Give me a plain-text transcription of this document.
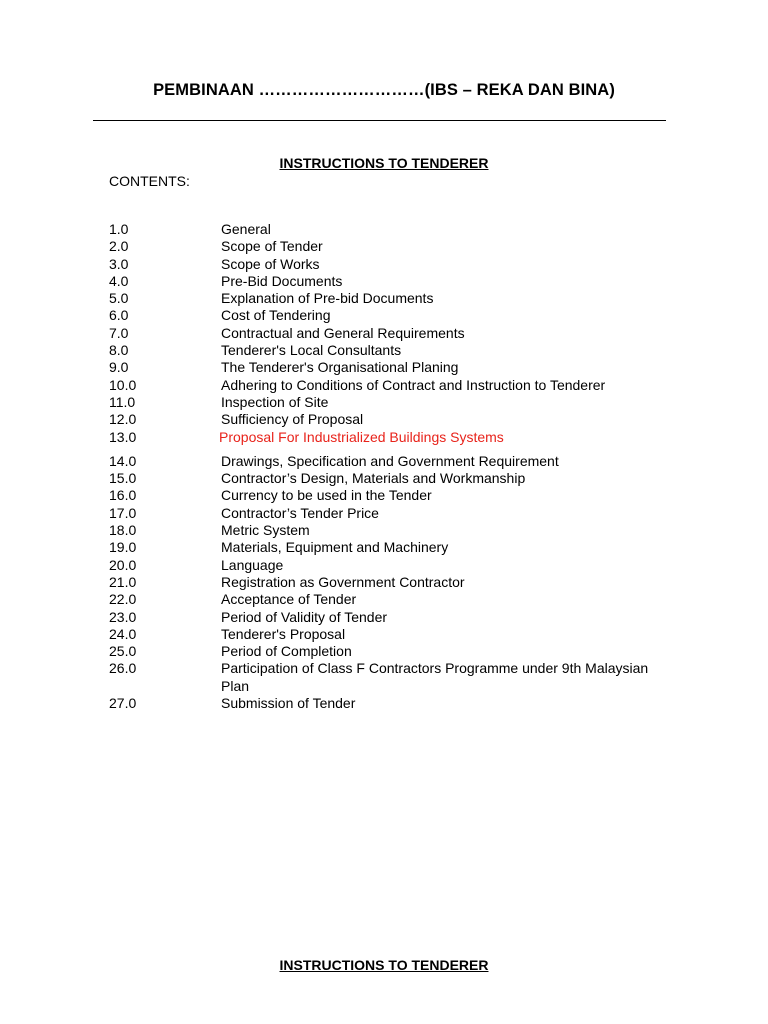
PEMBINAAN …………………………(IBS – REKA DAN BINA)
INSTRUCTIONS TO TENDERER
CONTENTS:
1.0	General
2.0	Scope of Tender
3.0	Scope of Works
4.0	Pre-Bid Documents
5.0	Explanation of Pre-bid Documents
6.0	Cost of Tendering
7.0	Contractual and General Requirements
8.0	Tenderer's Local Consultants
9.0	The Tenderer's Organisational Planing
10.0	Adhering to Conditions of Contract and Instruction to Tenderer
11.0	Inspection of Site
12.0	Sufficiency of Proposal
13.0	Proposal For Industrialized Buildings Systems
14.0	Drawings, Specification and Government Requirement
15.0	Contractor’s Design, Materials and Workmanship
16.0	Currency to be used in the Tender
17.0	Contractor’s Tender Price
18.0	Metric System
19.0	Materials, Equipment and Machinery
20.0	Language
21.0	Registration as Government Contractor
22.0	Acceptance of Tender
23.0	Period of Validity of Tender
24.0	Tenderer's Proposal
25.0	Period of Completion
26.0	Participation of Class F Contractors Programme under 9th Malaysian Plan
27.0	Submission of Tender
INSTRUCTIONS TO TENDERER
